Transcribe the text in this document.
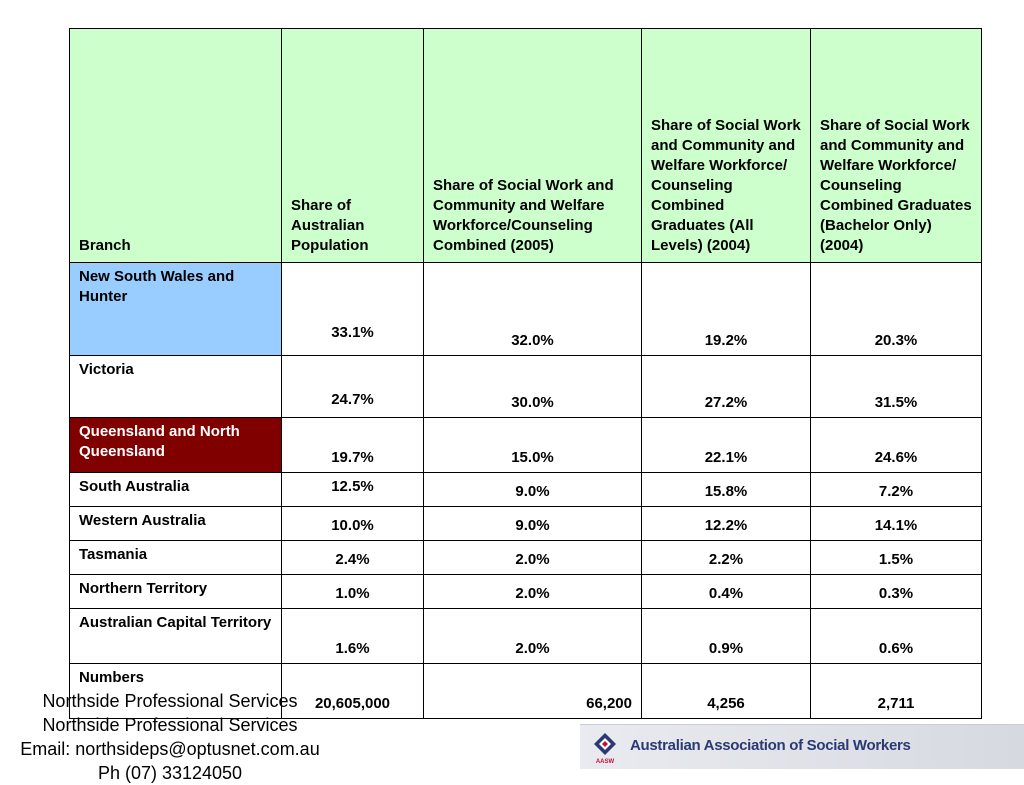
Branch	Share of Australian Population	Share of Social Work and Community and Welfare Workforce/Counseling Combined (2005)	Share of Social Work and Community and Welfare Workforce/ Counseling Combined Graduates (All Levels) (2004)	Share of Social Work and Community and Welfare Workforce/ Counseling Combined Graduates (Bachelor Only) (2004)
New South Wales and Hunter	33.1%	32.0%	19.2%	20.3%
Victoria	24.7%	30.0%	27.2%	31.5%
Queensland and North Queensland	19.7%	15.0%	22.1%	24.6%
South Australia	12.5%	9.0%	15.8%	7.2%
Western Australia	10.0%	9.0%	12.2%	14.1%
Tasmania	2.4%	2.0%	2.2%	1.5%
Northern Territory	1.0%	2.0%	0.4%	0.3%
Australian Capital Territory	1.6%	2.0%	0.9%	0.6%
Numbers	20,605,000	66,200	4,256	2,711
Northside Professional Services
Northside Professional Services
Email: northsideps@optusnet.com.au
Ph (07) 33124050
AASW
Australian Association of Social Workers
